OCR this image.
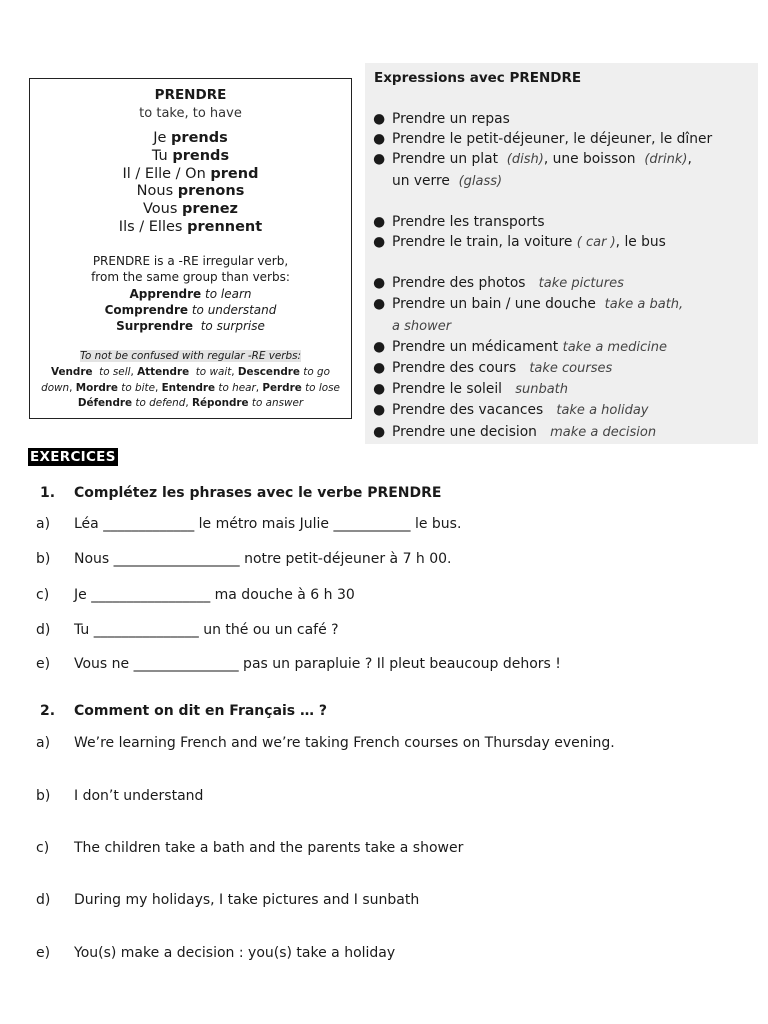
PRENDRE
to take, to have
Je prends
Tu prends
Il / Elle / On prend
Nous prenons
Vous prenez
Ils / Elles prennent
PRENDRE is a -RE irregular verb,
from the same group than verbs:
Apprendre to learn
Comprendre to understand
Surprendre to surprise
To not be confused with regular -RE verbs:
Vendre to sell, Attendre to wait, Descendre to go down, Mordre to bite, Entendre to hear, Perdre to lose
Défendre to defend, Répondre to answer
Expressions avec PRENDRE
● Prendre un repas
● Prendre le petit-déjeuner, le déjeuner, le dîner
● Prendre un plat (dish), une boisson (drink),
un verre (glass)
● Prendre les transports
● Prendre le train, la voiture ( car ), le bus
● Prendre des photos take pictures
● Prendre un bain / une douche take a bath,
a shower
● Prendre un médicament take a medicine
● Prendre des cours take courses
● Prendre le soleil sunbath
● Prendre des vacances take a holiday
● Prendre une decision make a decision
EXERCICES
1. Complétez les phrases avec le verbe PRENDRE
a) Léa _____________ le métro mais Julie ___________ le bus.
b) Nous __________________ notre petit-déjeuner à 7 h 00.
c) Je _________________ ma douche à 6 h 30
d) Tu _______________ un thé ou un café ?
e) Vous ne _______________ pas un parapluie ? Il pleut beaucoup dehors !
2. Comment on dit en Français … ?
a) We’re learning French and we’re taking French courses on Thursday evening.
b) I don’t understand
c) The children take a bath and the parents take a shower
d) During my holidays, I take pictures and I sunbath
e) You(s) make a decision : you(s) take a holiday
